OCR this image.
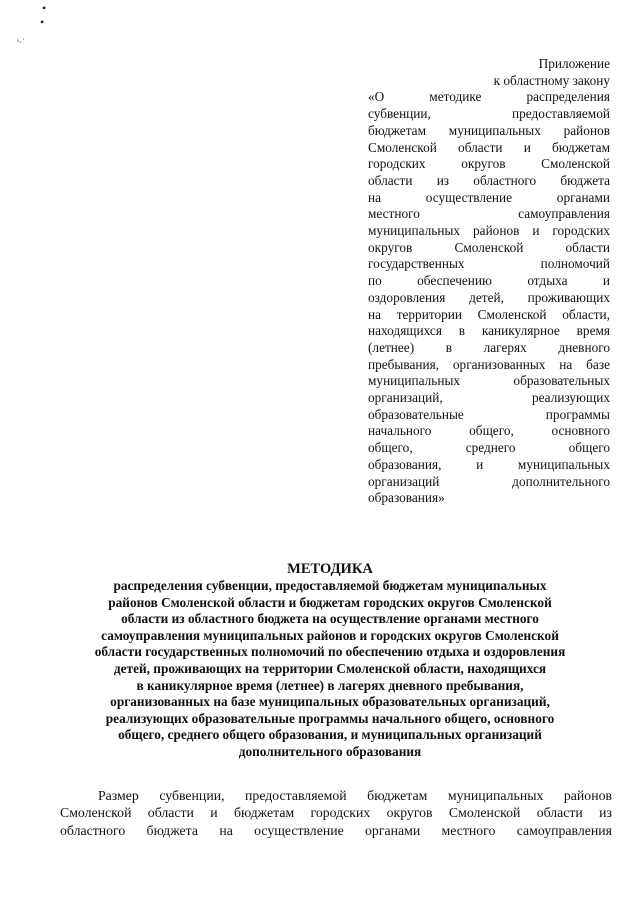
•
•
ⁱ·ʾ
Приложение
к областному закону
«О методике распределения
субвенции, предоставляемой
бюджетам муниципальных районов
Смоленской области и бюджетам
городских округов Смоленской
области из областного бюджета
на осуществление органами
местного самоуправления
муниципальных районов и городских
округов Смоленской области
государственных полномочий
по обеспечению отдыха и
оздоровления детей, проживающих
на территории Смоленской области,
находящихся в каникулярное время
(летнее) в лагерях дневного
пребывания, организованных на базе
муниципальных образовательных
организаций, реализующих
образовательные программы
начального общего, основного
общего, среднего общего
образования, и муниципальных
организаций дополнительного
образования»
МЕТОДИКА
распределения субвенции, предоставляемой бюджетам муниципальных
районов Смоленской области и бюджетам городских округов Смоленской
области из областного бюджета на осуществление органами местного
самоуправления муниципальных районов и городских округов Смоленской
области государственных полномочий по обеспечению отдыха и оздоровления
детей, проживающих на территории Смоленской области, находящихся
в каникулярное время (летнее) в лагерях дневного пребывания,
организованных на базе муниципальных образовательных организаций,
реализующих образовательные программы начального общего, основного
общего, среднего общего образования, и муниципальных организаций
дополнительного образования
Размер субвенции, предоставляемой бюджетам муниципальных районов
Смоленской области и бюджетам городских округов Смоленской области из
областного бюджета на осуществление органами местного самоуправления
